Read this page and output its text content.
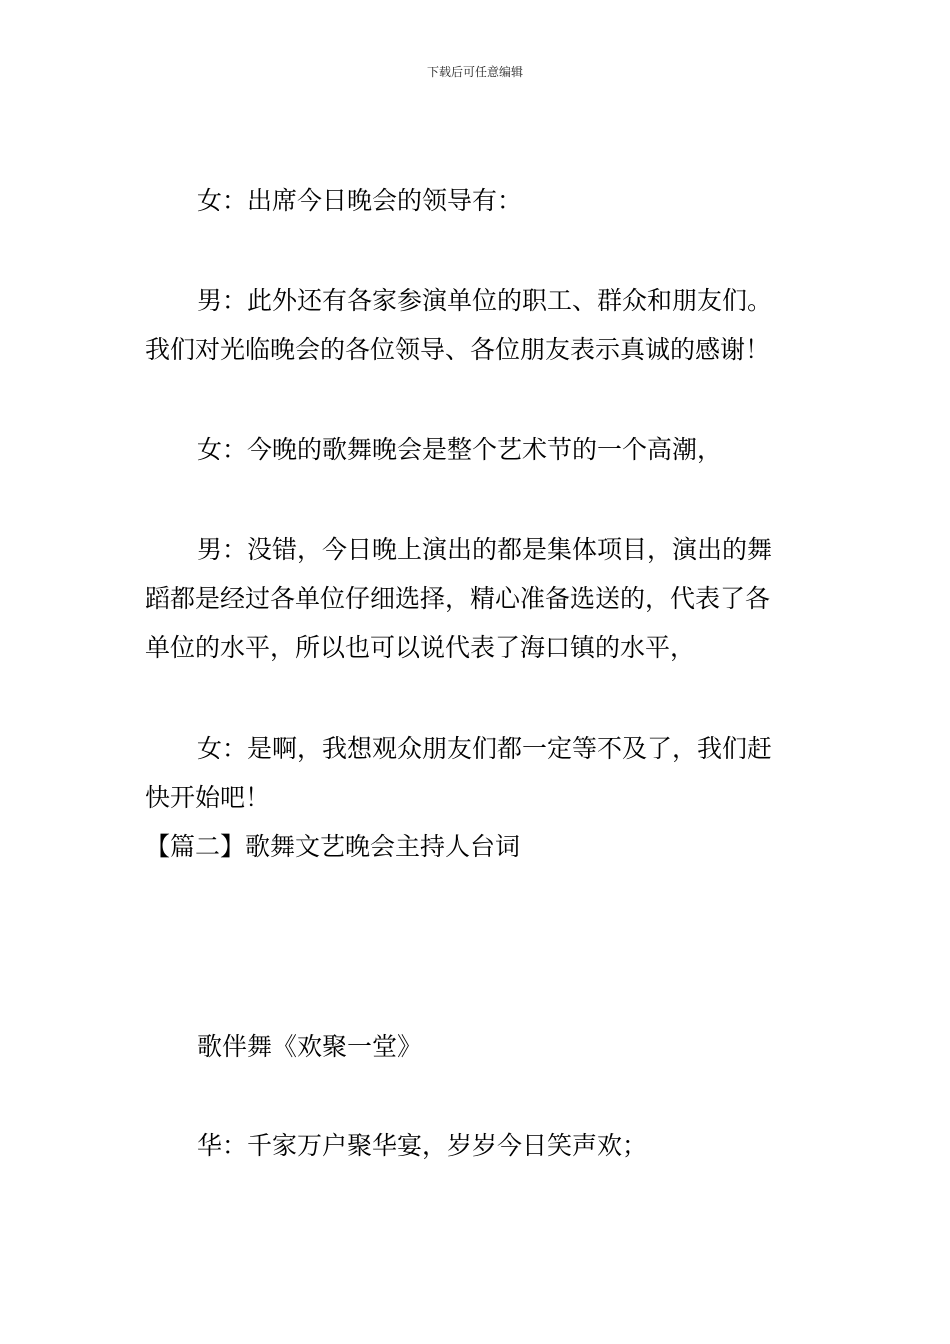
下载后可任意编辑
女：出席今日晚会的领导有：
男：此外还有各家参演单位的职工、群众和朋友们。
我们对光临晚会的各位领导、各位朋友表示真诚的感谢！
女：今晚的歌舞晚会是整个艺术节的一个高潮，
男：没错，今日晚上演出的都是集体项目，演出的舞
蹈都是经过各单位仔细选择，精心准备选送的，代表了各
单位的水平，所以也可以说代表了海口镇的水平，
女：是啊，我想观众朋友们都一定等不及了，我们赶
快开始吧！
【篇二】歌舞文艺晚会主持人台词
歌伴舞《欢聚一堂》
华：千家万户聚华宴，岁岁今日笑声欢；
